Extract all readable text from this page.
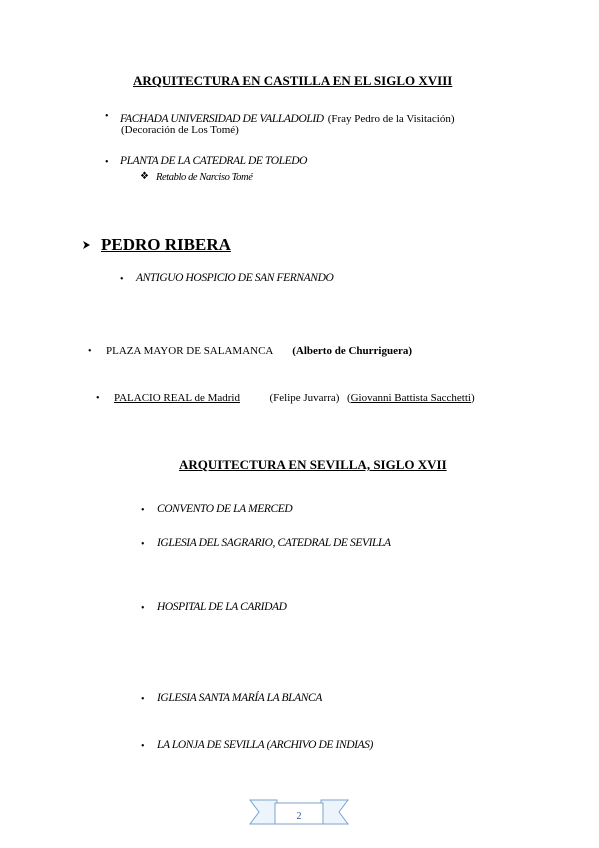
ARQUITECTURA EN CASTILLA EN EL SIGLO XVIII
• FACHADA UNIVERSIDAD DE VALLADOLID (Fray Pedro de la Visitación)
(Decoración de Los Tomé)
• PLANTA DE LA CATEDRAL DE TOLEDO
❖ Retablo de Narciso Tomé
PEDRO RIBERA
• ANTIGUO HOSPICIO DE SAN FERNANDO
• PLAZA MAYOR DE SALAMANCA (Alberto de Churriguera)
• PALACIO REAL de Madrid	(Felipe Juvarra) (Giovanni Battista Sacchetti)
ARQUITECTURA EN SEVILLA, SIGLO XVII
• CONVENTO DE LA MERCED
• IGLESIA DEL SAGRARIO, CATEDRAL DE SEVILLA
• HOSPITAL DE LA CARIDAD
• IGLESIA SANTA MARÍA LA BLANCA
• LA LONJA DE SEVILLA (ARCHIVO DE INDIAS)
2
